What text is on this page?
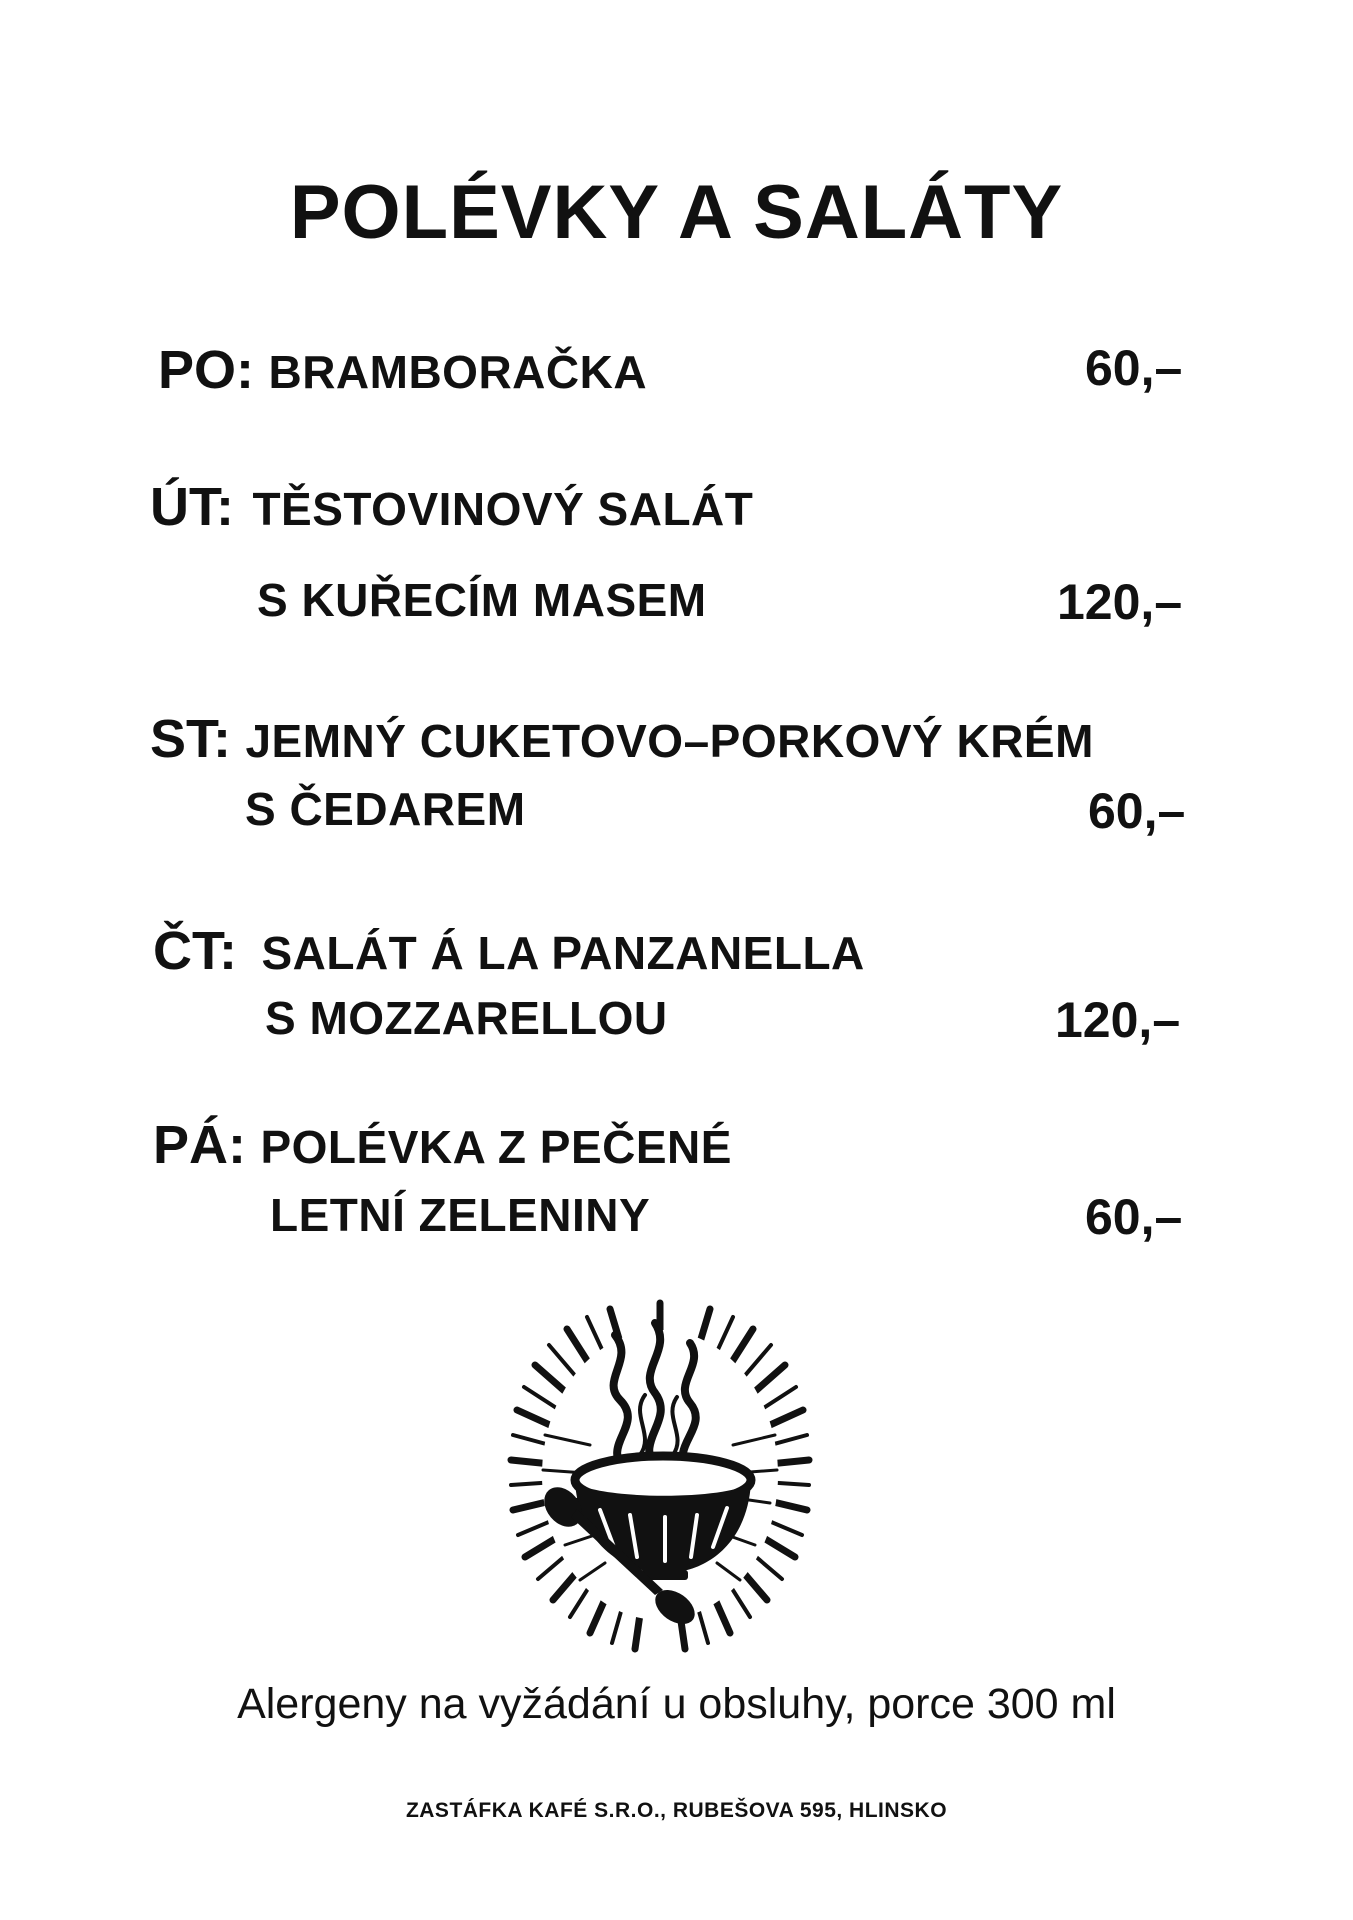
POLÉVKY A SALÁTY
PO: BRAMBORAČKA	60,–
ÚT: TĚSTOVINOVÝ SALÁT
S KUŘECÍM MASEM	120,–
ST: JEMNÝ CUKETOVO–PORKOVÝ KRÉM
S ČEDAREM	60,–
ČT: SALÁT Á LA PANZANELLA
S MOZZARELLOU	120,–
PÁ: POLÉVKA Z PEČENÉ
LETNÍ ZELENINY	60,–
Alergeny na vyžádání u obsluhy, porce 300 ml
ZASTÁFKA KAFÉ S.R.O., RUBEŠOVA 595, HLINSKO
